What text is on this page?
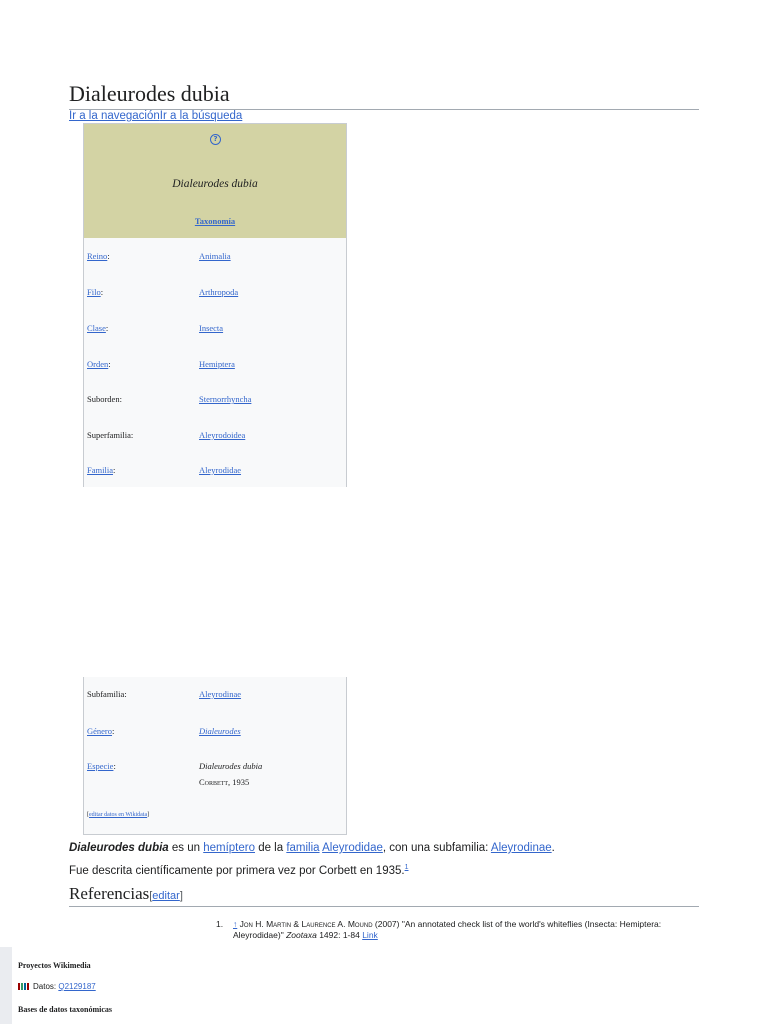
Dialeurodes dubia
Ir a la navegaciónIr a la búsqueda
?
Dialeurodes dubia
Taxonomía
Reino:	Animalia
Filo:	Arthropoda
Clase:	Insecta
Orden:	Hemiptera
Suborden:	Sternorrhyncha
Superfamilia:	Aleyrodoidea
Familia:	Aleyrodidae
Subfamilia:	Aleyrodinae
Género:	Dialeurodes
Especie:	Dialeurodes dubia
Corbett, 1935
[editar datos en Wikidata]

Dialeurodes dubia es un hemíptero de la familia Aleyrodidae, con una subfamilia: Aleyrodinae.

Fue descrita científicamente por primera vez por Corbett en 1935.$^1$

Referencias[editar]
1. ↑ Jon H. Martin & Laurence A. Mound (2007) "An annotated check list of the world's whiteflies (Insecta: Hemiptera: Aleyrodidae)" Zootaxa 1492: 1-84 Link
Proyectos Wikimedia
Datos: Q2129187
Bases de datos taxonómicas
